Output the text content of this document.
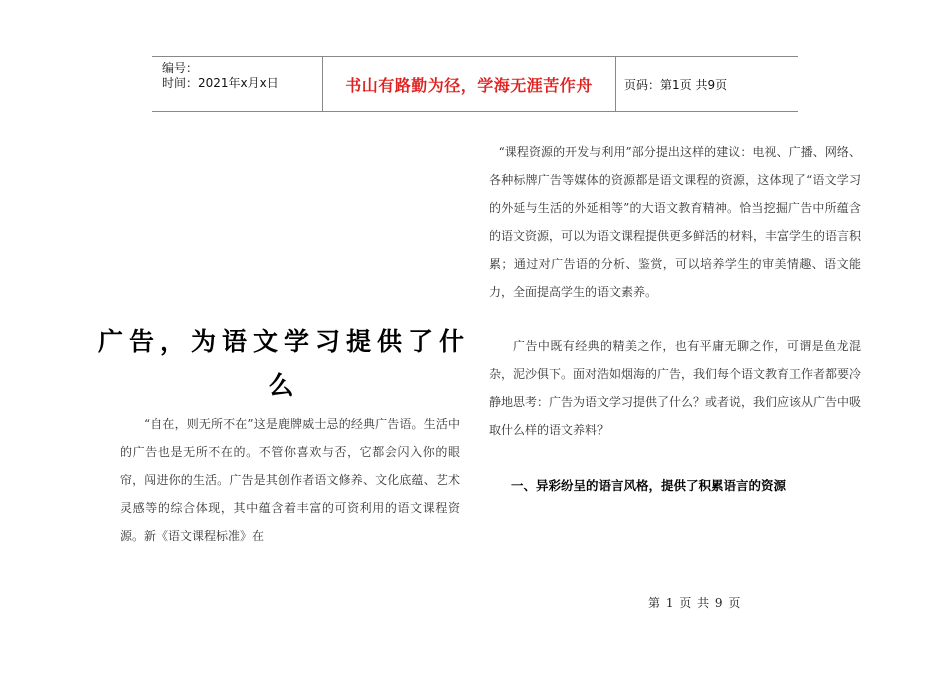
编号：
时间：2021年x月x日	书山有路勤为径，学海无涯苦作舟	页码：第1页 共9页
广告，为语文学习提供了什么

“自在，则无所不在”这是鹿牌威士忌的经典广告语。生活中的广告也是无所不在的。不管你喜欢与否，它都会闪入你的眼帘，闯进你的生活。广告是其创作者语文修养、文化底蕴、艺术灵感等的综合体现，其中蕴含着丰富的可资利用的语文课程资源。新《语文课程标准》在

“课程资源的开发与利用”部分提出这样的建议：电视、广播、网络、各种标牌广告等媒体的资源都是语文课程的资源，这体现了“语文学习的外延与生活的外延相等”的大语文教育精神。恰当挖掘广告中所蕴含的语文资源，可以为语文课程提供更多鲜活的材料，丰富学生的语言积累；通过对广告语的分析、鉴赏，可以培养学生的审美情趣、语文能力，全面提高学生的语文素养。

广告中既有经典的精美之作，也有平庸无聊之作，可谓是鱼龙混杂，泥沙俱下。面对浩如烟海的广告，我们每个语文教育工作者都要冷静地思考：广告为语文学习提供了什么？或者说，我们应该从广告中吸取什么样的语文养料？

一、异彩纷呈的语言风格，提供了积累语言的资源
第 1 页 共 9 页
